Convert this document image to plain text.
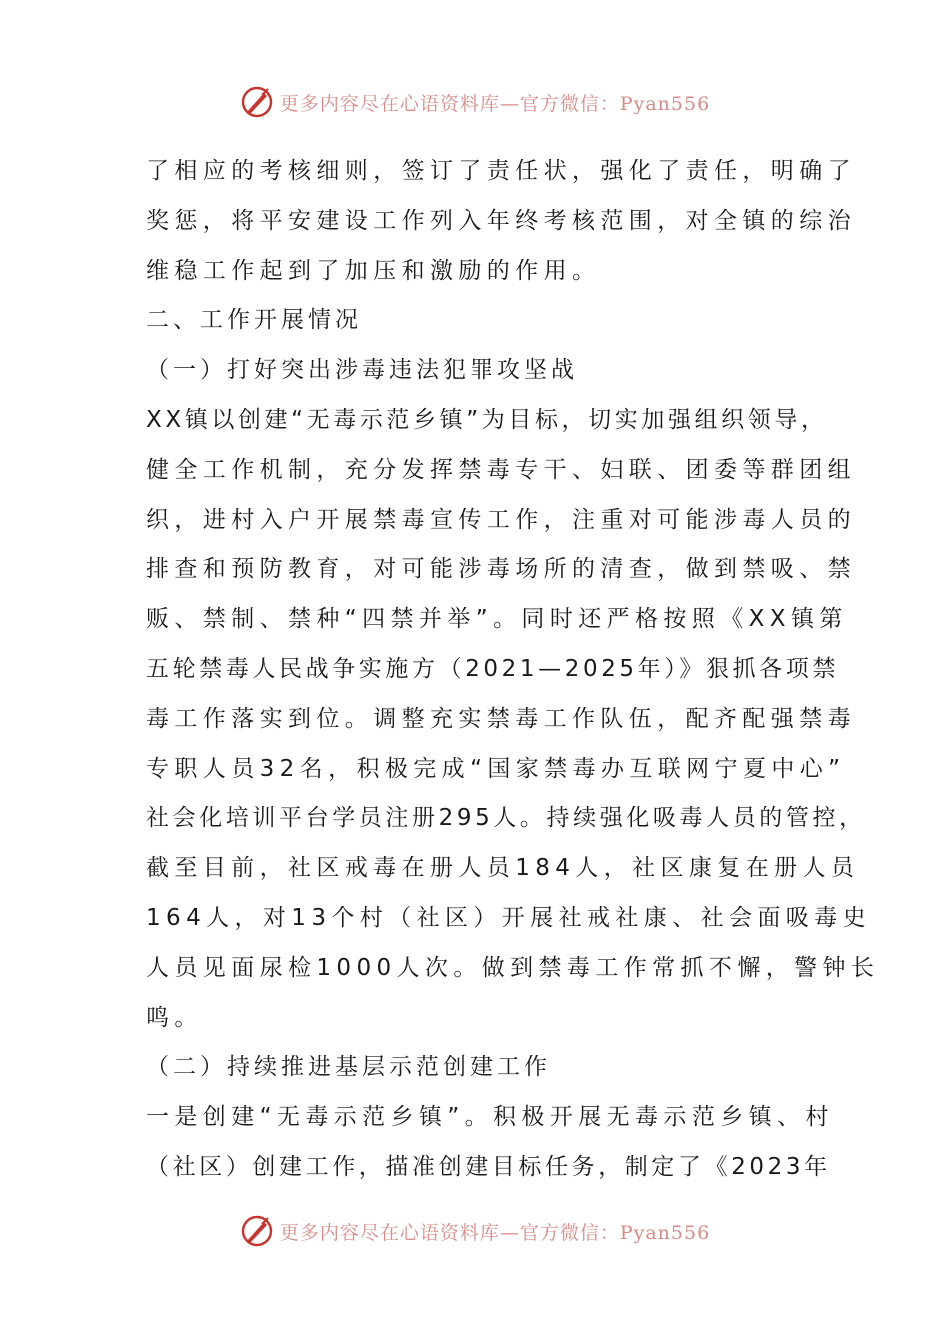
更多内容尽在心语资料库—官方微信：Pyan556
了相应的考核细则，签订了责任状，强化了责任，明确了
奖惩，将平安建设工作列入年终考核范围，对全镇的综治
维稳工作起到了加压和激励的作用。
二、工作开展情况
（一）打好突出涉毒违法犯罪攻坚战
XX镇以创建“无毒示范乡镇”为目标，切实加强组织领导，
健全工作机制，充分发挥禁毒专干、妇联、团委等群团组
织，进村入户开展禁毒宣传工作，注重对可能涉毒人员的
排查和预防教育，对可能涉毒场所的清查，做到禁吸、禁
贩、禁制、禁种“四禁并举”。同时还严格按照《XX镇第
五轮禁毒人民战争实施方（2021—2025年）》狠抓各项禁
毒工作落实到位。调整充实禁毒工作队伍，配齐配强禁毒
专职人员32名，积极完成“国家禁毒办互联网宁夏中心”
社会化培训平台学员注册295人。持续强化吸毒人员的管控，
截至目前，社区戒毒在册人员184人，社区康复在册人员
164人，对13个村（社区）开展社戒社康、社会面吸毒史
人员见面尿检1000人次。做到禁毒工作常抓不懈，警钟长
鸣。
（二）持续推进基层示范创建工作
一是创建“无毒示范乡镇”。积极开展无毒示范乡镇、村
（社区）创建工作，描准创建目标任务，制定了《2023年
更多内容尽在心语资料库—官方微信：Pyan556
